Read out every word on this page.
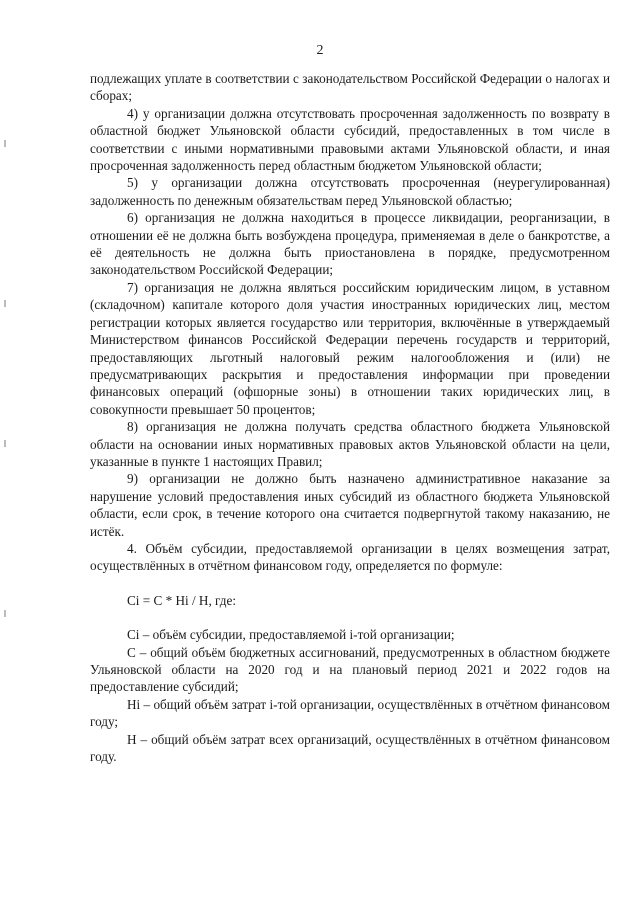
2

подлежащих уплате в соответствии с законодательством Российской Федерации о налогах и сборах;

4) у организации должна отсутствовать просроченная задолженность по возврату в областной бюджет Ульяновской области субсидий, предоставленных в том числе в соответствии с иными нормативными правовыми актами Ульяновской области, и иная просроченная задолженность перед областным бюджетом Ульяновской области;

5) у организации должна отсутствовать просроченная (неурегулированная) задолженность по денежным обязательствам перед Ульяновской областью;

6) организация не должна находиться в процессе ликвидации, реорганизации, в отношении её не должна быть возбуждена процедура, применяемая в деле о банкротстве, а её деятельность не должна быть приостановлена в порядке, предусмотренном законодательством Российской Федерации;

7) организация не должна являться российским юридическим лицом, в уставном (складочном) капитале которого доля участия иностранных юридических лиц, местом регистрации которых является государство или территория, включённые в утверждаемый Министерством финансов Российской Федерации перечень государств и территорий, предоставляющих льготный налоговый режим налогообложения и (или) не предусматривающих раскрытия и предоставления информации при проведении финансовых операций (офшорные зоны) в отношении таких юридических лиц, в совокупности превышает 50 процентов;

8) организация не должна получать средства областного бюджета Ульяновской области на основании иных нормативных правовых актов Ульяновской области на цели, указанные в пункте 1 настоящих Правил;

9) организации не должно быть назначено административное наказание за нарушение условий предоставления иных субсидий из областного бюджета Ульяновской области, если срок, в течение которого она считается подвергнутой такому наказанию, не истёк.

4. Объём субсидии, предоставляемой организации в целях возмещения затрат, осуществлённых в отчётном финансовом году, определяется по формуле:

Ci = C * Hi / H, где:

Ci – объём субсидии, предоставляемой i-той организации;

C – общий объём бюджетных ассигнований, предусмотренных в областном бюджете Ульяновской области на 2020 год и на плановый период 2021 и 2022 годов на предоставление субсидий;

Hi – общий объём затрат i-той организации, осуществлённых в отчётном финансовом году;

H – общий объём затрат всех организаций, осуществлённых в отчётном финансовом году.
